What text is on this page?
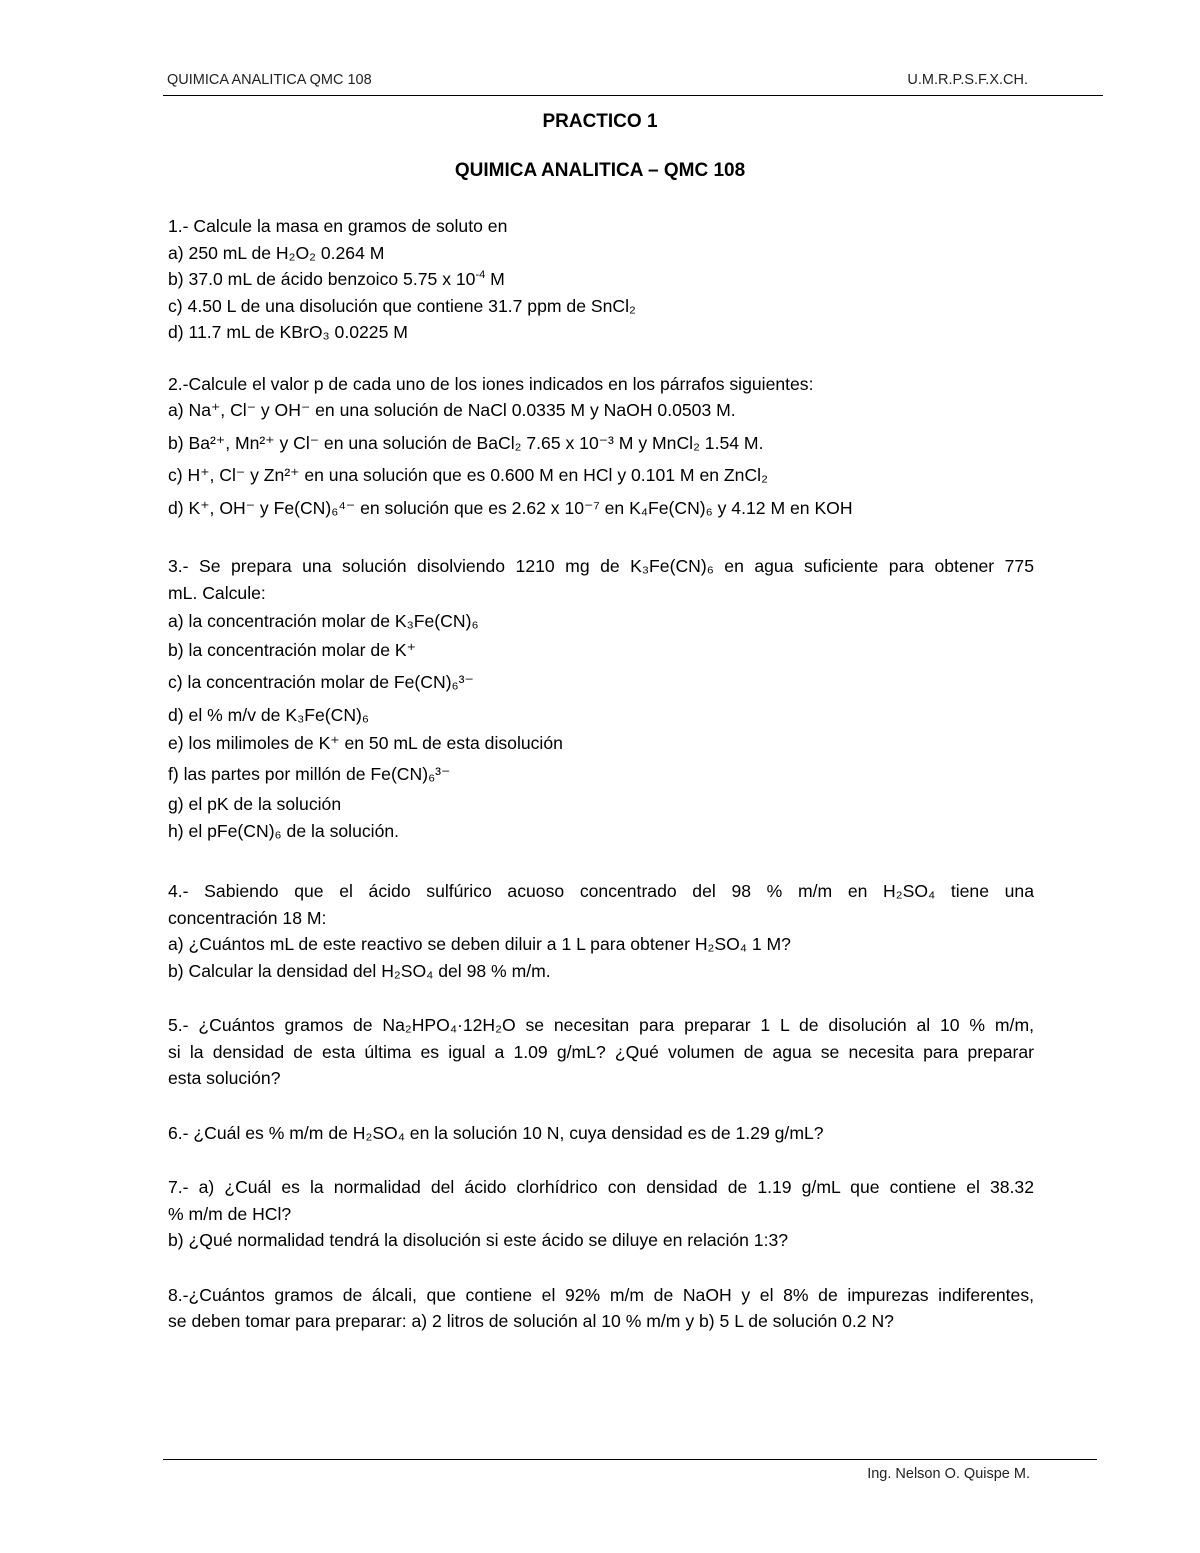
QUIMICA ANALITICA QMC 108	U.M.R.P.S.F.X.CH.
PRACTICO 1
QUIMICA ANALITICA – QMC 108
1.- Calcule la masa en gramos de soluto en
a) 250 mL de H₂O₂ 0.264 M
b) 37.0 mL de ácido benzoico 5.75 x $10^{-4}$ M
c) 4.50 L de una disolución que contiene 31.7 ppm de SnCl₂
d) 11.7 mL de KBrO₃ 0.0225 M
2.-Calcule el valor p de cada uno de los iones indicados en los párrafos siguientes:
a) Na⁺, Cl⁻ y OH⁻ en una solución de NaCl 0.0335 M y NaOH 0.0503 M.
b) Ba²⁺, Mn²⁺ y Cl⁻ en una solución de BaCl₂ 7.65 x 10⁻³ M y MnCl₂ 1.54 M.
c) H⁺, Cl⁻ y Zn²⁺ en una solución que es 0.600 M en HCl y 0.101 M en ZnCl₂
d) K⁺, OH⁻ y Fe(CN)₆⁴⁻ en solución que es 2.62 x 10⁻⁷ en K₄Fe(CN)₆ y 4.12 M en KOH
3.- Se prepara una solución disolviendo 1210 mg de K₃Fe(CN)₆ en agua suficiente para obtener 775
mL. Calcule:
a) la concentración molar de K₃Fe(CN)₆
b) la concentración molar de K⁺
c) la concentración molar de Fe(CN)₆³⁻
d) el % m/v de K₃Fe(CN)₆
e) los milimoles de K⁺ en 50 mL de esta disolución
f) las partes por millón de Fe(CN)₆³⁻
g) el pK de la solución
h) el pFe(CN)₆ de la solución.
4.- Sabiendo que el ácido sulfúrico acuoso concentrado del 98 % m/m en H₂SO₄ tiene una
concentración 18 M:
a) ¿Cuántos mL de este reactivo se deben diluir a 1 L para obtener H₂SO₄ 1 M?
b) Calcular la densidad del H₂SO₄ del 98 % m/m.
5.- ¿Cuántos gramos de Na₂HPO₄·12H₂O se necesitan para preparar 1 L de disolución al 10 % m/m,
si la densidad de esta última es igual a 1.09 g/mL? ¿Qué volumen de agua se necesita para preparar
esta solución?
6.- ¿Cuál es % m/m de H₂SO₄ en la solución 10 N, cuya densidad es de 1.29 g/mL?
7.- a) ¿Cuál es la normalidad del ácido clorhídrico con densidad de 1.19 g/mL que contiene el 38.32
% m/m de HCl?
b) ¿Qué normalidad tendrá la disolución si este ácido se diluye en relación 1:3?
8.-¿Cuántos gramos de álcali, que contiene el 92% m/m de NaOH y el 8% de impurezas indiferentes,
se deben tomar para preparar: a) 2 litros de solución al 10 % m/m y b) 5 L de solución 0.2 N?
Ing. Nelson O. Quispe M.
